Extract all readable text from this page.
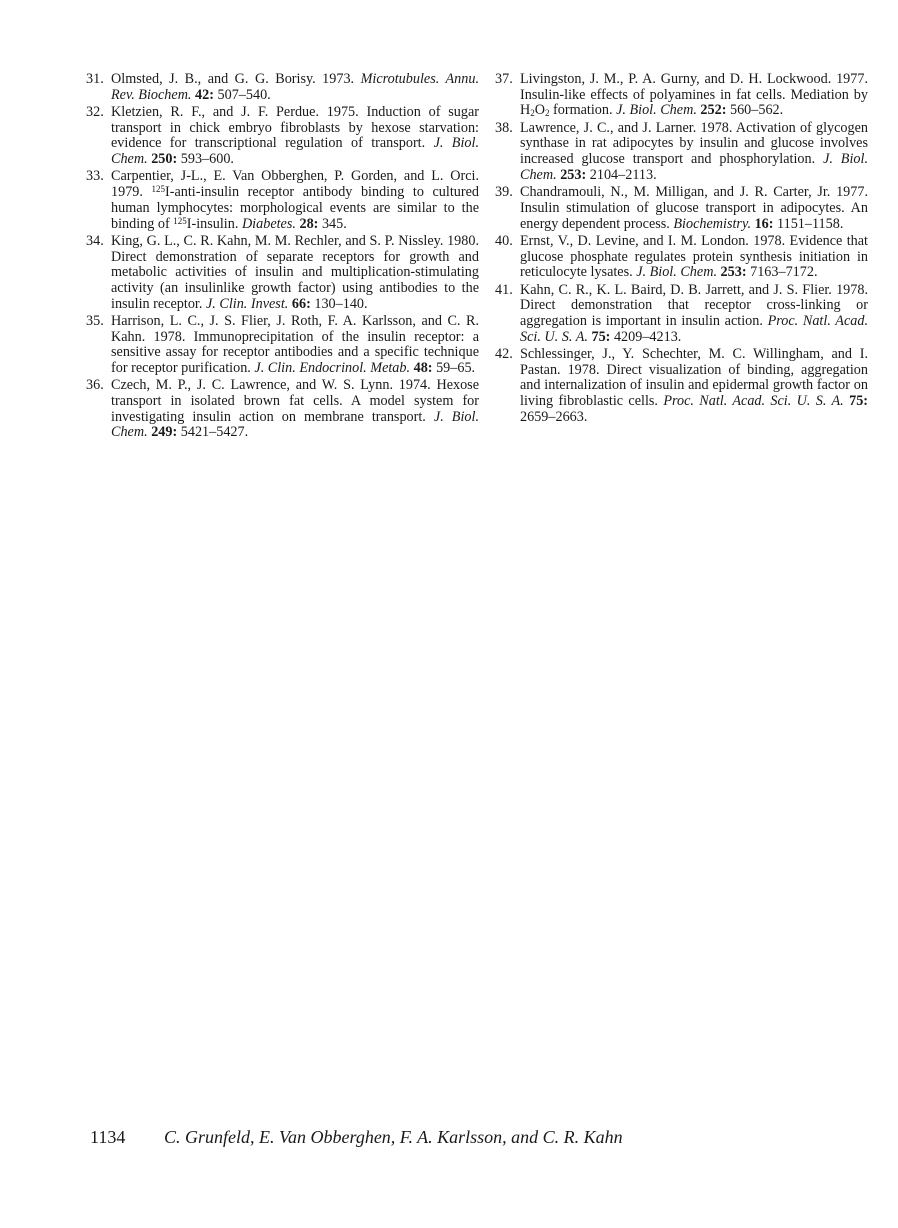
31. Olmsted, J. B., and G. G. Borisy. 1973. Microtubules. Annu. Rev. Biochem. 42: 507–540.

32. Kletzien, R. F., and J. F. Perdue. 1975. Induction of sugar transport in chick embryo fibroblasts by hexose starvation: evidence for transcriptional regulation of transport. J. Biol. Chem. 250: 593–600.

33. Carpentier, J-L., E. Van Obberghen, P. Gorden, and L. Orci. 1979. $^{125}$I-anti-insulin receptor antibody binding to cultured human lymphocytes: morphological events are similar to the binding of $^{125}$I-insulin. Diabetes. 28: 345.

34. King, G. L., C. R. Kahn, M. M. Rechler, and S. P. Nissley. 1980. Direct demonstration of separate receptors for growth and metabolic activities of insulin and multiplication-stimulating activity (an insulinlike growth factor) using antibodies to the insulin receptor. J. Clin. Invest. 66: 130–140.

35. Harrison, L. C., J. S. Flier, J. Roth, F. A. Karlsson, and C. R. Kahn. 1978. Immunoprecipitation of the insulin receptor: a sensitive assay for receptor antibodies and a specific technique for receptor purification. J. Clin. Endocrinol. Metab. 48: 59–65.

36. Czech, M. P., J. C. Lawrence, and W. S. Lynn. 1974. Hexose transport in isolated brown fat cells. A model system for investigating insulin action on membrane transport. J. Biol. Chem. 249: 5421–5427.

37. Livingston, J. M., P. A. Gurny, and D. H. Lockwood. 1977. Insulin-like effects of polyamines in fat cells. Mediation by $H_2O_2$ formation. J. Biol. Chem. 252: 560–562.

38. Lawrence, J. C., and J. Larner. 1978. Activation of glycogen synthase in rat adipocytes by insulin and glucose involves increased glucose transport and phosphorylation. J. Biol. Chem. 253: 2104–2113.

39. Chandramouli, N., M. Milligan, and J. R. Carter, Jr. 1977. Insulin stimulation of glucose transport in adipocytes. An energy dependent process. Biochemistry. 16: 1151–1158.

40. Ernst, V., D. Levine, and I. M. London. 1978. Evidence that glucose phosphate regulates protein synthesis initiation in reticulocyte lysates. J. Biol. Chem. 253: 7163–7172.

41. Kahn, C. R., K. L. Baird, D. B. Jarrett, and J. S. Flier. 1978. Direct demonstration that receptor cross-linking or aggregation is important in insulin action. Proc. Natl. Acad. Sci. U. S. A. 75: 4209–4213.

42. Schlessinger, J., Y. Schechter, M. C. Willingham, and I. Pastan. 1978. Direct visualization of binding, aggregation and internalization of insulin and epidermal growth factor on living fibroblastic cells. Proc. Natl. Acad. Sci. U. S. A. 75: 2659–2663.

1134 C. Grunfeld, E. Van Obberghen, F. A. Karlsson, and C. R. Kahn
